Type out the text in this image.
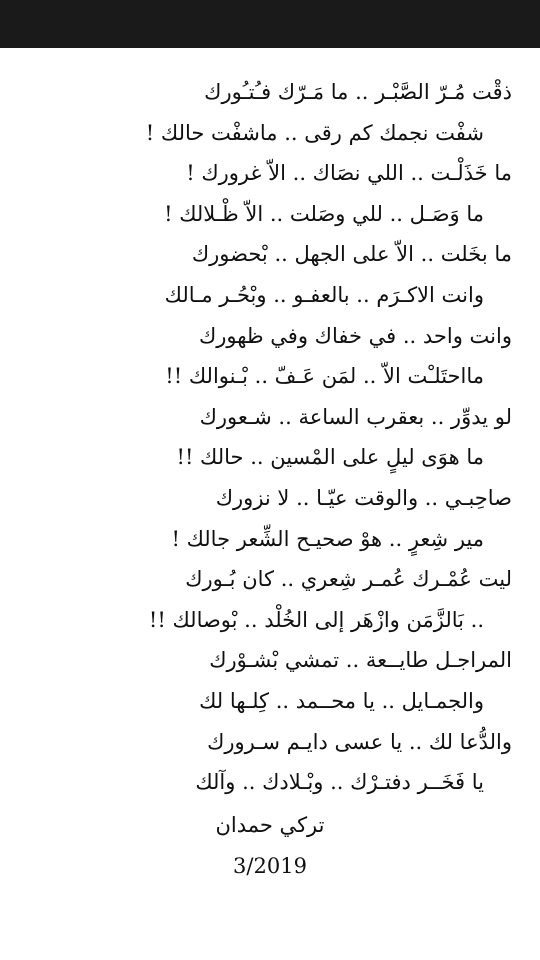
ذقْت مُـرّ الصَّبْـر .. ما مَـرّك فـُتـُورك
شفْت نجمك كم رقى .. ماشفْت حالك !
ما خَذَلْـت .. اللي نصَاك .. الاّ غرورك !
ما وَصَـل .. للي وصَلت .. الاّ ظْـلالك !
ما بخَلت .. الاّ على الجهل .. بْحضورك
وانت الاكـرَم .. بالعفـو .. وبْحُـر مـالك
وانت واحد .. في خفاك وفي ظهورك
مااحتَلـْت الاّ .. لمَن عَـفّ .. بْـنوالك !!
لو يدوِّر .. بعقرب الساعة .. شـعورك
ما هوَى ليلٍ على المْسين .. حالك !!
صاحِبـي .. والوقت عيّـا .. لا نزورك
مير شِعرٍ .. هوْ صحيـح الشِّعر جالك !
ليت عُمْـرك عُمـر شِعري .. كان بُـورك
.. بَالزَّمَن وازْهَر إلى الخُلْد .. بْوصالك !!
المراجـل طايــعة .. تمشي بْشـوْرك
والجمـايل .. يا محــمد .. كِلـها لك
والدُّعا لك .. يا عسى دايـم سـرورك
يا فَخَــر دفتـرْك .. وبْـلادك .. وآلك
تركي حمدان
3/2019
